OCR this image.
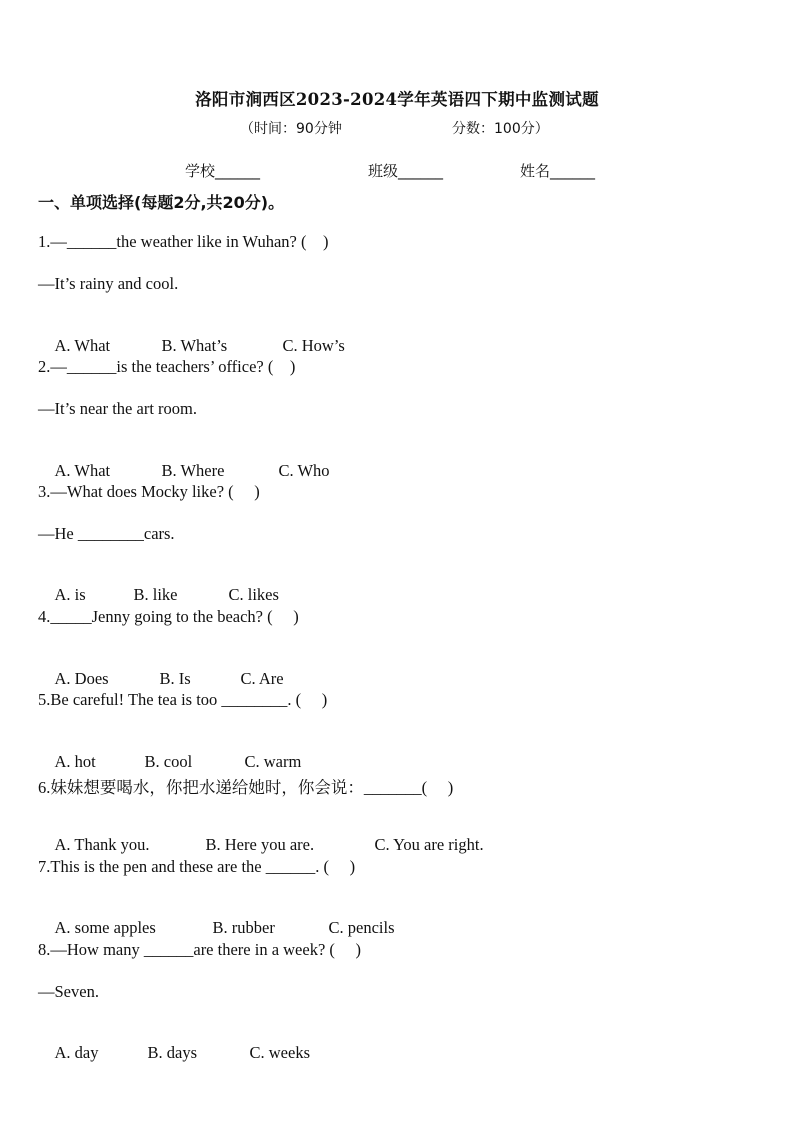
洛阳市涧西区2023-2024学年英语四下期中监测试题
（时间：90分钟	分数：100分）
学校______	班级______	姓名______
一、单项选择(每题2分,共20分)。
1.—______the weather like in Wuhan? (    )
—It’s rainy and cool.

A. What	B. What’s	C. How’s

2.—______is the teachers’ office? (    )
—It’s near the art room.

A. What	B. Where	C. Who

3.—What does Mocky like? (     )
—He ________cars.

A. is	B. like	C. likes

4._____Jenny going to the beach? (     )

A. Does	B. Is	C. Are

5.Be careful! The tea is too ________. (     )

A. hot	B. cool	C. warm

6.妹妹想要喝水，你把水递给她时，你会说：_______(     )

A. Thank you.	B. Here you are.	C. You are right.

7.This is the pen and these are the ______. (     )

A. some apples	B. rubber	C. pencils

8.—How many ______are there in a week? (     )
—Seven.

A. day	B. days	C. weeks
